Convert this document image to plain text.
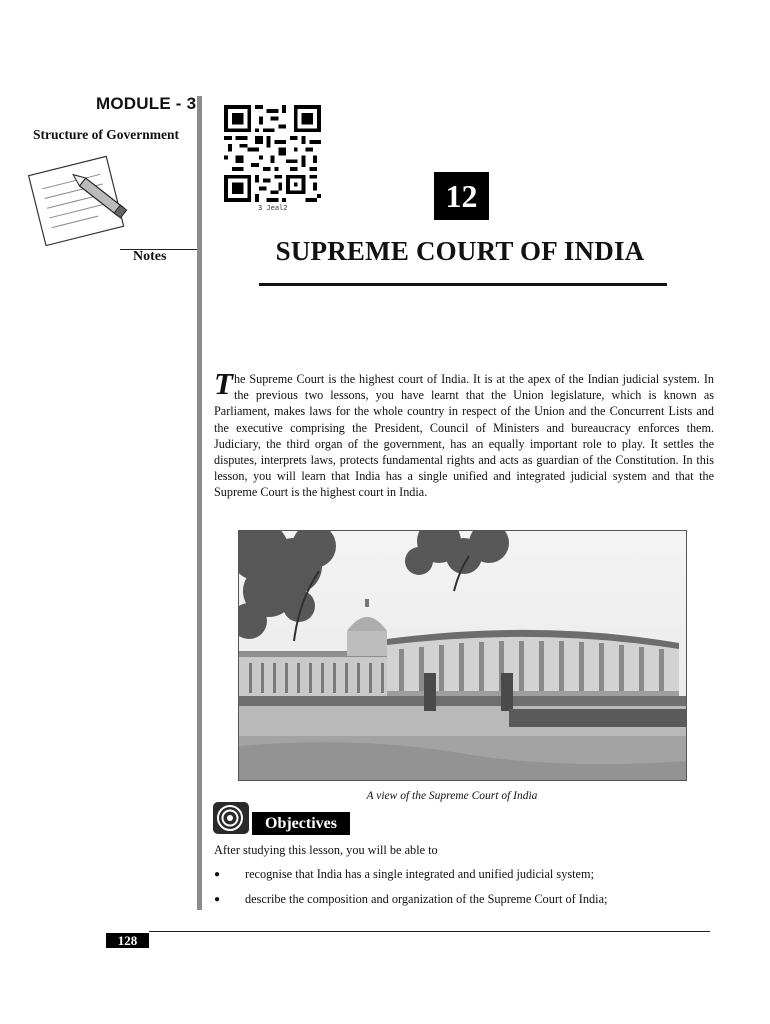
MODULE - 3
Structure of Government
Notes
3 Jeal2	12
SUPREME COURT OF INDIA
The Supreme Court is the highest court of India. It is at the apex of the Indian judicial system. In the previous two lessons, you have learnt that the Union legislature, which is known as Parliament, makes laws for the whole country in respect of the Union and the Concurrent Lists and the executive comprising the President, Council of Ministers and bureaucracy enforces them. Judiciary, the third organ of the government, has an equally important role to play. It settles the disputes, interprets laws, protects fundamental rights and acts as guardian of the Constitution. In this lesson, you will learn that India has a single unified and integrated judicial system and that the Supreme Court is the highest court in India.
A view of the Supreme Court of India
Objectives
After studying this lesson, you will be able to
●	recognise that India has a single integrated and unified judicial system;
●	describe the composition and organization of the Supreme Court of India;
128
